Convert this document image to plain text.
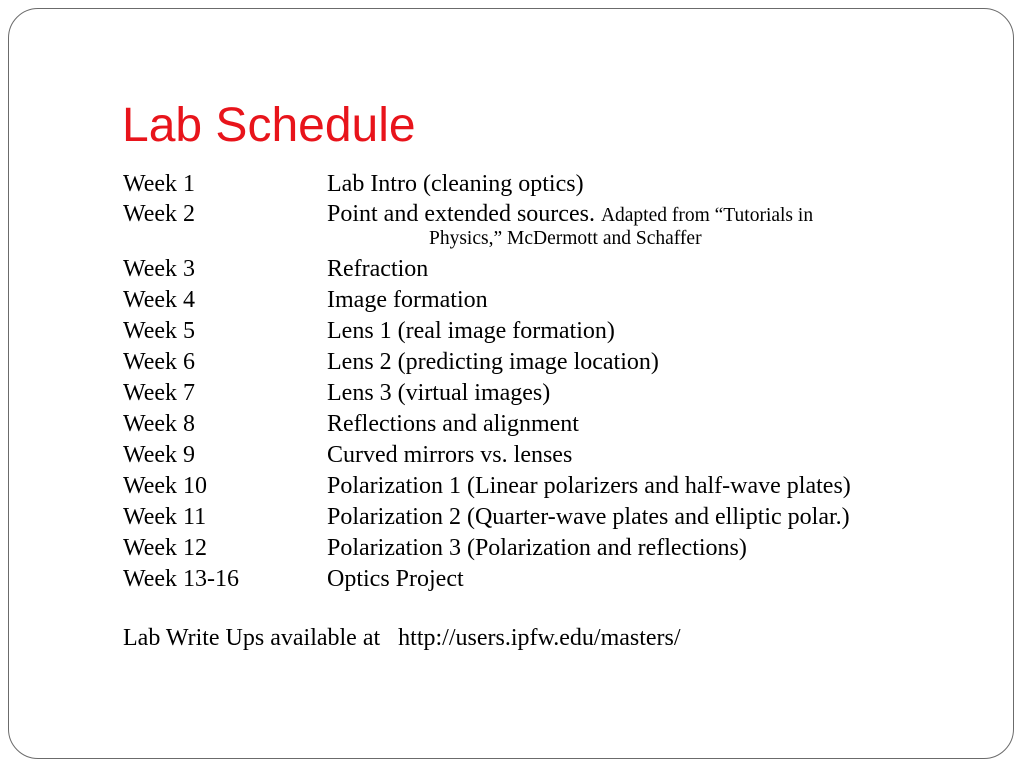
Lab Schedule
Week 1	Lab Intro (cleaning optics)
Week 2	Point and extended sources. Adapted from “Tutorials in
Physics,” McDermott and Schaffer
Week 3	Refraction
Week 4	Image formation
Week 5	Lens 1 (real image formation)
Week 6	Lens 2 (predicting image location)
Week 7	Lens 3 (virtual images)
Week 8	Reflections and alignment
Week 9	Curved mirrors vs. lenses
Week 10	Polarization 1 (Linear polarizers and half-wave plates)
Week 11	Polarization 2 (Quarter-wave plates and elliptic polar.)
Week 12	Polarization 3 (Polarization and reflections)
Week 13-16	Optics Project
Lab Write Ups available at http://users.ipfw.edu/masters/
